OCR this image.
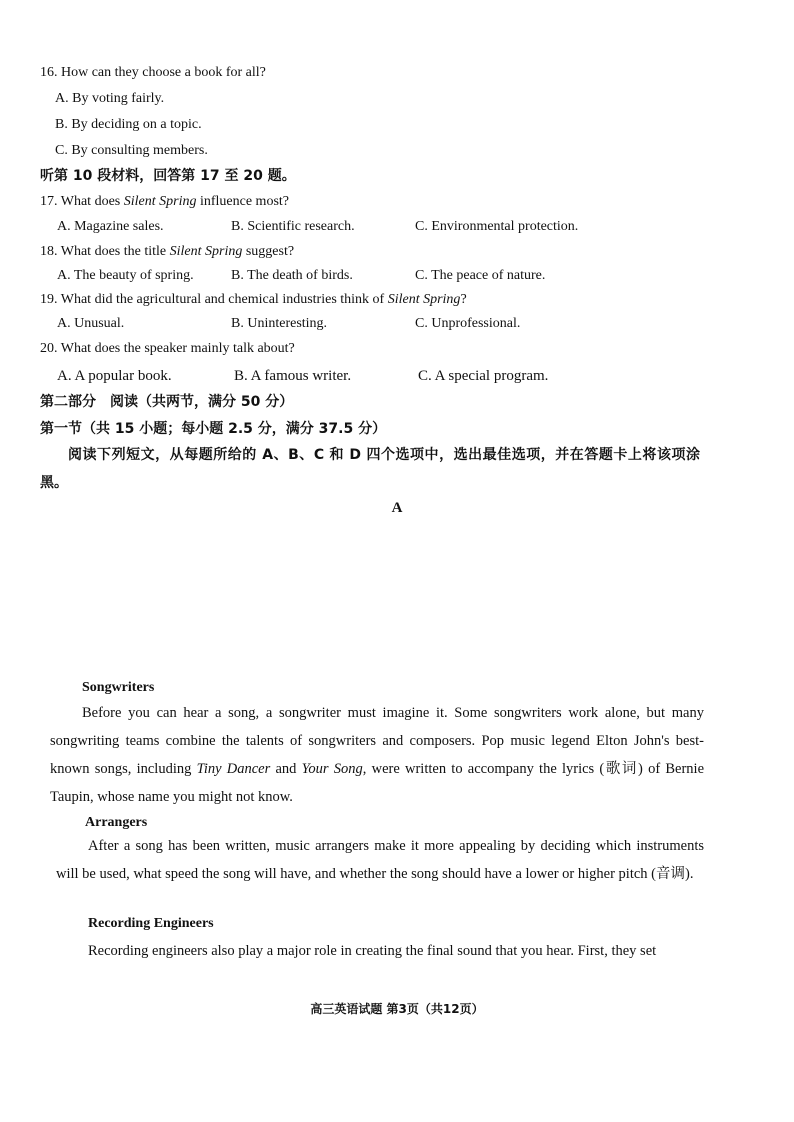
16. How can they choose a book for all?
A. By voting fairly.
B. By deciding on a topic.
C. By consulting members.
听第 10 段材料，回答第 17 至 20 题。
17. What does Silent Spring influence most?
A. Magazine sales.	B. Scientific research.	C. Environmental protection.
18. What does the title Silent Spring suggest?
A. The beauty of spring.	B. The death of birds.	C. The peace of nature.
19. What did the agricultural and chemical industries think of Silent Spring?
A. Unusual.	B. Uninteresting.	C. Unprofessional.
20. What does the speaker mainly talk about?
A. A popular book.	B. A famous writer.	C. A special program.
第二部分　阅读（共两节，满分 50 分）
第一节（共 15 小题；每小题 2.5 分，满分 37.5 分）
阅读下列短文，从每题所给的 A、B、C 和 D 四个选项中，选出最佳选项，并在答题卡上将该项涂黑。
A
Songwriters
Before you can hear a song, a songwriter must imagine it. Some songwriters work alone, but many songwriting teams combine the talents of songwriters and composers. Pop music legend Elton John's best-known songs, including Tiny Dancer and Your Song, were written to accompany the lyrics (歌词) of Bernie Taupin, whose name you might not know.
Arrangers
After a song has been written, music arrangers make it more appealing by deciding which instruments will be used, what speed the song will have, and whether the song should have a lower or higher pitch (音调).
Recording Engineers
Recording engineers also play a major role in creating the final sound that you hear. First, they set
高三英语试题 第3页（共12页）
